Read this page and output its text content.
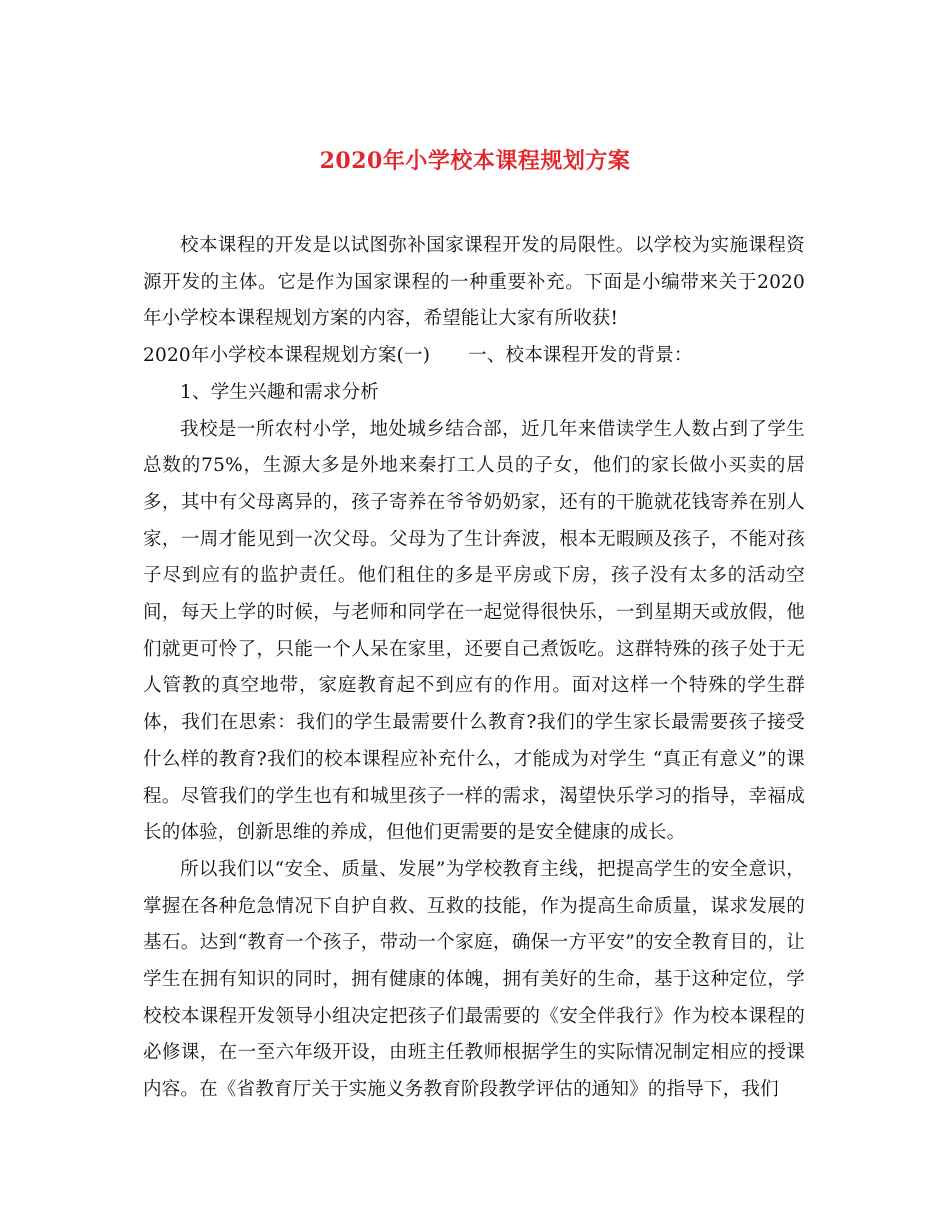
2020年小学校本课程规划方案

校本课程的开发是以试图弥补国家课程开发的局限性。以学校为实施课程资源开发的主体。它是作为国家课程的一种重要补充。下面是小编带来关于2020年小学校本课程规划方案的内容，希望能让大家有所收获!

2020年小学校本课程规划方案(一) 一、校本课程开发的背景：

1、学生兴趣和需求分析

我校是一所农村小学，地处城乡结合部，近几年来借读学生人数占到了学生总数的75%，生源大多是外地来秦打工人员的子女，他们的家长做小买卖的居多，其中有父母离异的，孩子寄养在爷爷奶奶家，还有的干脆就花钱寄养在别人家，一周才能见到一次父母。父母为了生计奔波，根本无暇顾及孩子，不能对孩子尽到应有的监护责任。他们租住的多是平房或下房，孩子没有太多的活动空间，每天上学的时候，与老师和同学在一起觉得很快乐，一到星期天或放假，他们就更可怜了，只能一个人呆在家里，还要自己煮饭吃。这群特殊的孩子处于无人管教的真空地带，家庭教育起不到应有的作用。面对这样一个特殊的学生群体，我们在思索：我们的学生最需要什么教育?我们的学生家长最需要孩子接受什么样的教育?我们的校本课程应补充什么，才能成为对学生 “真正有意义”的课程。尽管我们的学生也有和城里孩子一样的需求，渴望快乐学习的指导，幸福成长的体验，创新思维的养成，但他们更需要的是安全健康的成长。

所以我们以“安全、质量、发展”为学校教育主线，把提高学生的安全意识，掌握在各种危急情况下自护自救、互救的技能，作为提高生命质量，谋求发展的基石。达到“教育一个孩子，带动一个家庭，确保一方平安”的安全教育目的，让学生在拥有知识的同时，拥有健康的体魄，拥有美好的生命，基于这种定位，学校校本课程开发领导小组决定把孩子们最需要的《安全伴我行》作为校本课程的必修课，在一至六年级开设，由班主任教师根据学生的实际情况制定相应的授课内容。在《省教育厅关于实施义务教育阶段教学评估的通知》的指导下，我们
